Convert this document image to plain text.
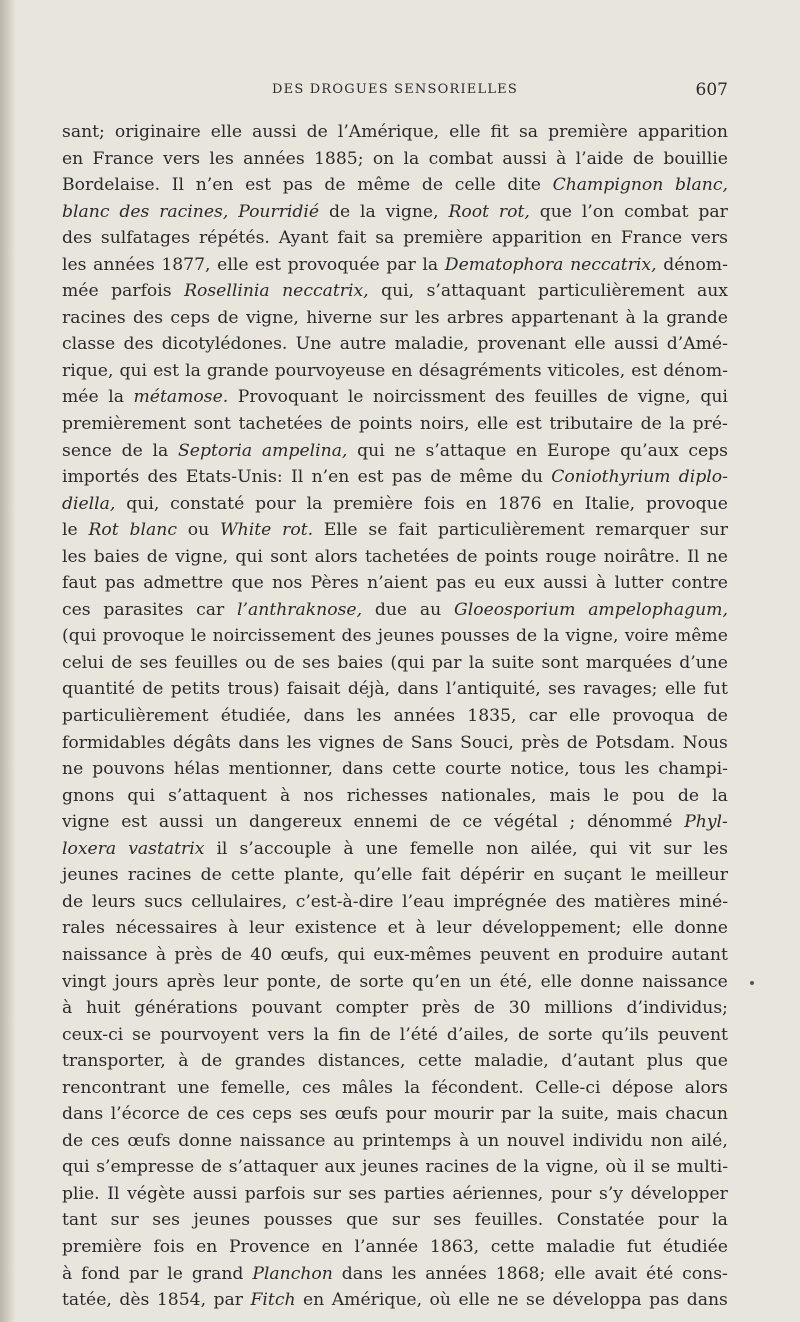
DES DROGUES SENSORIELLES	607
sant; originaire elle aussi de l’Amérique, elle fit sa première apparition
en France vers les années 1885; on la combat aussi à l’aide de bouillie
Bordelaise. Il n’en est pas de même de celle dite Champignon blanc,
blanc des racines, Pourridié de la vigne, Root rot, que l’on combat par
des sulfatages répétés. Ayant fait sa première apparition en France vers
les années 1877, elle est provoquée par la Dematophora neccatrix, dénom-
mée parfois Rosellinia neccatrix, qui, s’attaquant particulièrement aux
racines des ceps de vigne, hiverne sur les arbres appartenant à la grande
classe des dicotylédones. Une autre maladie, provenant elle aussi d’Amé-
rique, qui est la grande pourvoyeuse en désagréments viticoles, est dénom-
mée la métamose. Provoquant le noircissment des feuilles de vigne, qui
premièrement sont tachetées de points noirs, elle est tributaire de la pré-
sence de la Septoria ampelina, qui ne s’attaque en Europe qu’aux ceps
importés des Etats-Unis: Il n’en est pas de même du Coniothyrium diplo-
diella, qui, constaté pour la première fois en 1876 en Italie, provoque
le Rot blanc ou White rot. Elle se fait particulièrement remarquer sur
les baies de vigne, qui sont alors tachetées de points rouge noirâtre. Il ne
faut pas admettre que nos Pères n’aient pas eu eux aussi à lutter contre
ces parasites car l’anthraknose, due au Gloeosporium ampelophagum,
(qui provoque le noircissement des jeunes pousses de la vigne, voire même
celui de ses feuilles ou de ses baies (qui par la suite sont marquées d’une
quantité de petits trous) faisait déjà, dans l’antiquité, ses ravages; elle fut
particulièrement étudiée, dans les années 1835, car elle provoqua de
formidables dégâts dans les vignes de Sans Souci, près de Potsdam. Nous
ne pouvons hélas mentionner, dans cette courte notice, tous les champi-
gnons qui s’attaquent à nos richesses nationales, mais le pou de la
vigne est aussi un dangereux ennemi de ce végétal ; dénommé Phyl-
loxera vastatrix il s’accouple à une femelle non ailée, qui vit sur les
jeunes racines de cette plante, qu’elle fait dépérir en suçant le meilleur
de leurs sucs cellulaires, c’est-à-dire l’eau imprégnée des matières miné-
rales nécessaires à leur existence et à leur développement; elle donne
naissance à près de 40 œufs, qui eux-mêmes peuvent en produire autant
vingt jours après leur ponte, de sorte qu’en un été, elle donne naissance
à huit générations pouvant compter près de 30 millions d’individus;
ceux-ci se pourvoyent vers la fin de l’été d’ailes, de sorte qu’ils peuvent
transporter, à de grandes distances, cette maladie, d’autant plus que
rencontrant une femelle, ces mâles la fécondent. Celle-ci dépose alors
dans l’écorce de ces ceps ses œufs pour mourir par la suite, mais chacun
de ces œufs donne naissance au printemps à un nouvel individu non ailé,
qui s’empresse de s’attaquer aux jeunes racines de la vigne, où il se multi-
plie. Il végète aussi parfois sur ses parties aériennes, pour s’y développer
tant sur ses jeunes pousses que sur ses feuilles. Constatée pour la
première fois en Provence en l’année 1863, cette maladie fut étudiée
à fond par le grand Planchon dans les années 1868; elle avait été cons-
tatée, dès 1854, par Fitch en Amérique, où elle ne se développa pas dans
